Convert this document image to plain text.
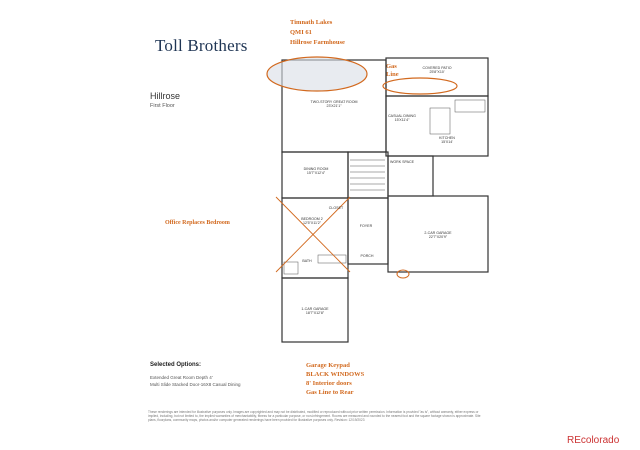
Toll Brothers
Hillrose
First Floor
Timnath Lakes
QMI 61
Hillrose Farmhouse
Gas Line
Office Replaces Bedroom
Garage Keypad
BLACK WINDOWS
8' Interior doors
Gas Line to Rear
COVERED PATIO
25'8"X10'
TWO-STORY GREAT ROOM
23'X21'1"
CASUAL DINING
15'X11'4"
KITCHEN
15'X14'
DINING ROOM
15'7"X12'4"
WORK SPACE
BEDROOM 2
12'5"X11'2"
CLOSET
BATH
FOYER
PORCH
2-CAR GARAGE
22'7"X20'9"
1-CAR GARAGE
18'7"X12'8"
Selected Options:
Extended Great Room Depth 4'
Multi Slide Stacked Door-16X8 Casual Dining
These renderings are intended for illustrative purposes only. Images are copyrighted and may not be distributed, modified or reproduced without prior written permission. Information is provided "as is", without warranty, either express or implied, including, but not limited to, the implied warranties of merchantability, fitness for a particular purpose, or non-infringement. Rooms are measured and rounded to the nearest foot and the square footage shown is approximate. Site plans, floorplans, community maps, photos and/or computer generated renderings have been provided for illustrative purposes only. Revision: 12/19/2023
REcolorado
